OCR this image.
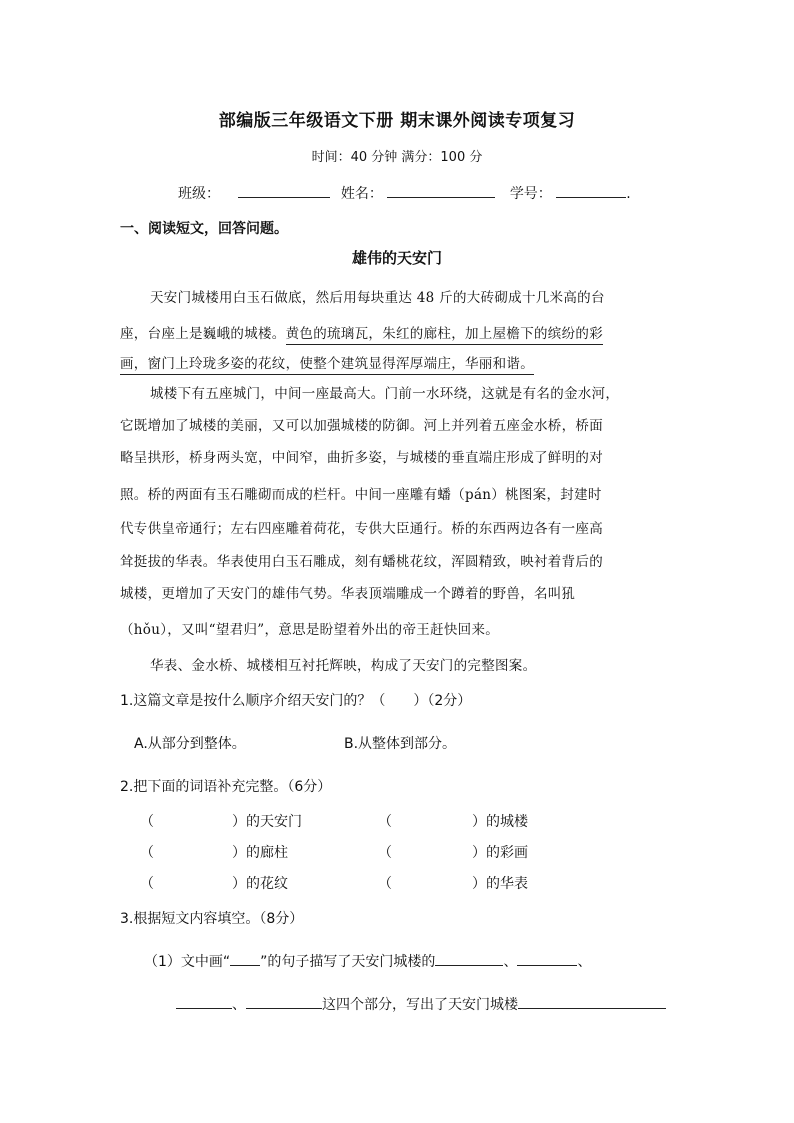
部编版三年级语文下册 期末课外阅读专项复习
时间：40 分钟 满分：100 分
班级：	姓名：	学号：	.
一、阅读短文，回答问题。
雄伟的天安门
天安门城楼用白玉石做底，然后用每块重达 48 斤的大砖砌成十几米高的台
座，台座上是巍峨的城楼。黄色的琉璃瓦，朱红的廊柱，加上屋檐下的缤纷的彩
画，窗门上玲珑多姿的花纹，使整个建筑显得浑厚端庄，华丽和谐。
城楼下有五座城门，中间一座最高大。门前一水环绕，这就是有名的金水河，
它既增加了城楼的美丽，又可以加强城楼的防御。河上并列着五座金水桥，桥面
略呈拱形，桥身两头宽，中间窄，曲折多姿，与城楼的垂直端庄形成了鲜明的对
照。桥的两面有玉石雕砌而成的栏杆。中间一座雕有蟠（pán）桃图案，封建时
代专供皇帝通行；左右四座雕着荷花，专供大臣通行。桥的东西两边各有一座高
耸挺拔的华表。华表使用白玉石雕成，刻有蟠桃花纹，浑圆精致，映衬着背后的
城楼，更增加了天安门的雄伟气势。华表顶端雕成一个蹲着的野兽，名叫犼
（hǒu），又叫“望君归”，意思是盼望着外出的帝王赶快回来。
华表、金水桥、城楼相互衬托辉映，构成了天安门的完整图案。
1.这篇文章是按什么顺序介绍天安门的？（　　）（2分）
A.从部分到整体。	B.从整体到部分。
2.把下面的词语补充完整。（6分）
（	）的天安门	（	）的城楼
（	）的廊柱	（	）的彩画
（	）的花纹	（	）的华表
3.根据短文内容填空。（8分）
（1）文中画“ ”的句子描写了天安门城楼的	、	、
、	这四个部分，写出了天安门城楼
